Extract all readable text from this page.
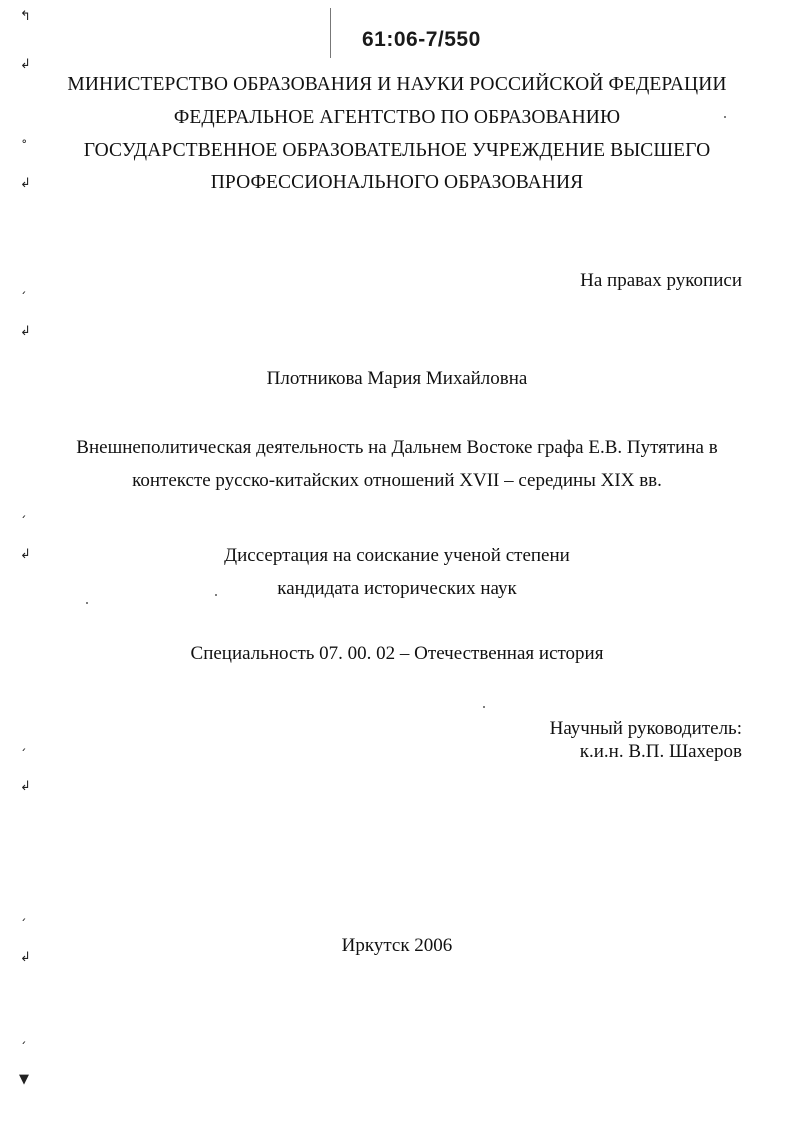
61:06-7/550
МИНИСТЕРСТВО ОБРАЗОВАНИЯ И НАУКИ РОССИЙСКОЙ ФЕДЕРАЦИИ
ФЕДЕРАЛЬНОЕ АГЕНТСТВО ПО ОБРАЗОВАНИЮ
ГОСУДАРСТВЕННОЕ ОБРАЗОВАТЕЛЬНОЕ УЧРЕЖДЕНИЕ ВЫСШЕГО
ПРОФЕССИОНАЛЬНОГО ОБРАЗОВАНИЯ
На правах рукописи
Плотникова Мария Михайловна
Внешнеполитическая деятельность на Дальнем Востоке графа Е.В. Путятина в
контексте русско-китайских отношений XVII – середины XIX вв.
Диссертация на соискание ученой степени
кандидата исторических наук
Специальность 07. 00. 02 – Отечественная история
Научный руководитель:
к.и.н. В.П. Шахеров
Иркутск 2006
↰
↲
˳
↲
ˏ
↲
ˏ
↲
ˏ
↲
ˏ
↲
ˏ
▼
